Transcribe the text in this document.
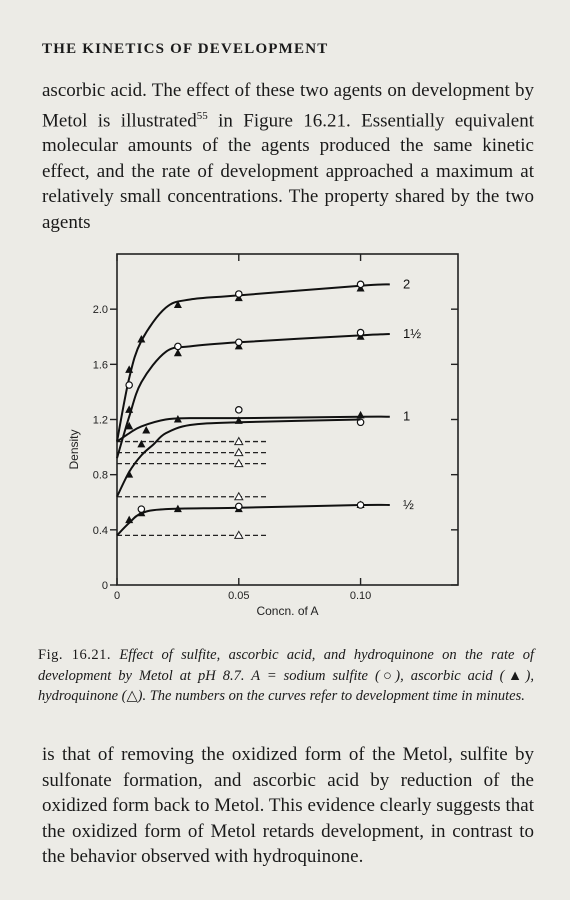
THE KINETICS OF DEVELOPMENT
ascorbic acid. The effect of these two agents on development by Metol is illustrated$^{55}$ in Figure 16.21. Essentially equivalent molecular amounts of the agents produced the same kinetic effect, and the rate of development approached a maximum at relatively small concentrations. The property shared by the two agents
0
0.4
0.8
1.2
1.6
2.0
0	0.05	0.10
Concn. of A
Density
2
1½
1
½
Fig. 16.21. Effect of sulfite, ascorbic acid, and hydroquinone on the rate of development by Metol at pH 8.7. A = sodium sulfite (○), ascorbic acid (▲), hydroquinone (△). The numbers on the curves refer to development time in minutes.
is that of removing the oxidized form of the Metol, sulfite by sulfonate formation, and ascorbic acid by reduction of the oxidized form back to Metol. This evidence clearly suggests that the oxidized form of Metol retards development, in contrast to the behavior observed with hydroquinone.
